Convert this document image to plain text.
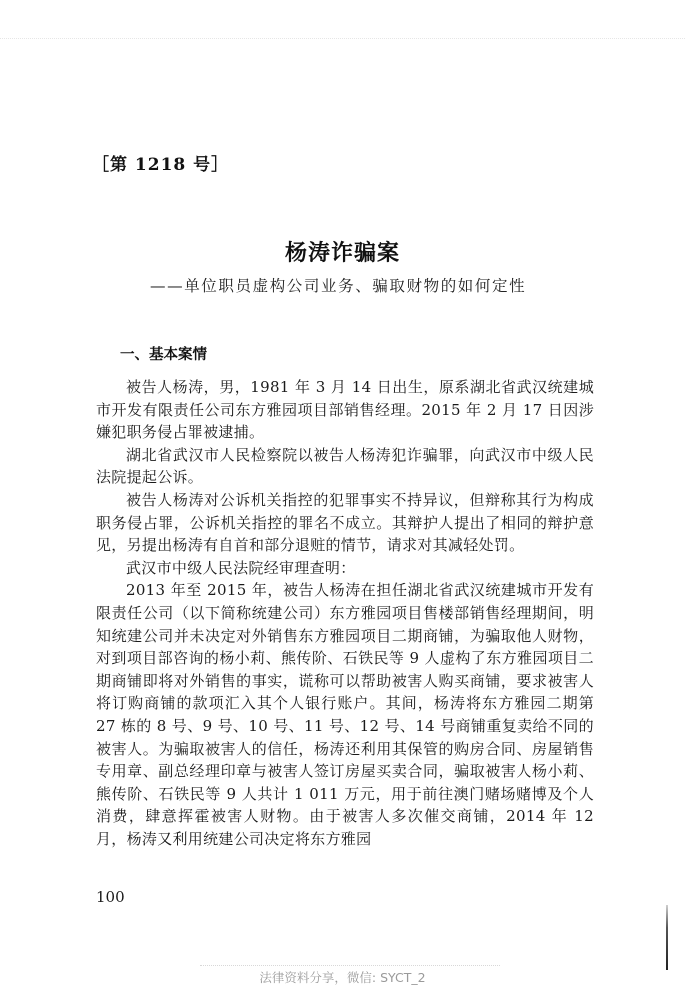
［第 1218 号］
杨涛诈骗案
——单位职员虚构公司业务、骗取财物的如何定性
一、基本案情

被告人杨涛，男，1981 年 3 月 14 日出生，原系湖北省武汉统建城市开发有限责任公司东方雅园项目部销售经理。2015 年 2 月 17 日因涉嫌犯职务侵占罪被逮捕。

湖北省武汉市人民检察院以被告人杨涛犯诈骗罪，向武汉市中级人民法院提起公诉。

被告人杨涛对公诉机关指控的犯罪事实不持异议，但辩称其行为构成职务侵占罪，公诉机关指控的罪名不成立。其辩护人提出了相同的辩护意见，另提出杨涛有自首和部分退赃的情节，请求对其减轻处罚。

武汉市中级人民法院经审理查明：

2013 年至 2015 年，被告人杨涛在担任湖北省武汉统建城市开发有限责任公司（以下简称统建公司）东方雅园项目售楼部销售经理期间，明知统建公司并未决定对外销售东方雅园项目二期商铺，为骗取他人财物，对到项目部咨询的杨小莉、熊传阶、石铁民等 9 人虚构了东方雅园项目二期商铺即将对外销售的事实，谎称可以帮助被害人购买商铺，要求被害人将订购商铺的款项汇入其个人银行账户。其间，杨涛将东方雅园二期第 27 栋的 8 号、9 号、10 号、11 号、12 号、14 号商铺重复卖给不同的被害人。为骗取被害人的信任，杨涛还利用其保管的购房合同、房屋销售专用章、副总经理印章与被害人签订房屋买卖合同，骗取被害人杨小莉、熊传阶、石铁民等 9 人共计 1 011 万元，用于前往澳门赌场赌博及个人消费，肆意挥霍被害人财物。由于被害人多次催交商铺，2014 年 12 月，杨涛又利用统建公司决定将东方雅园

100
法律资料分享，微信: SYCT_2
